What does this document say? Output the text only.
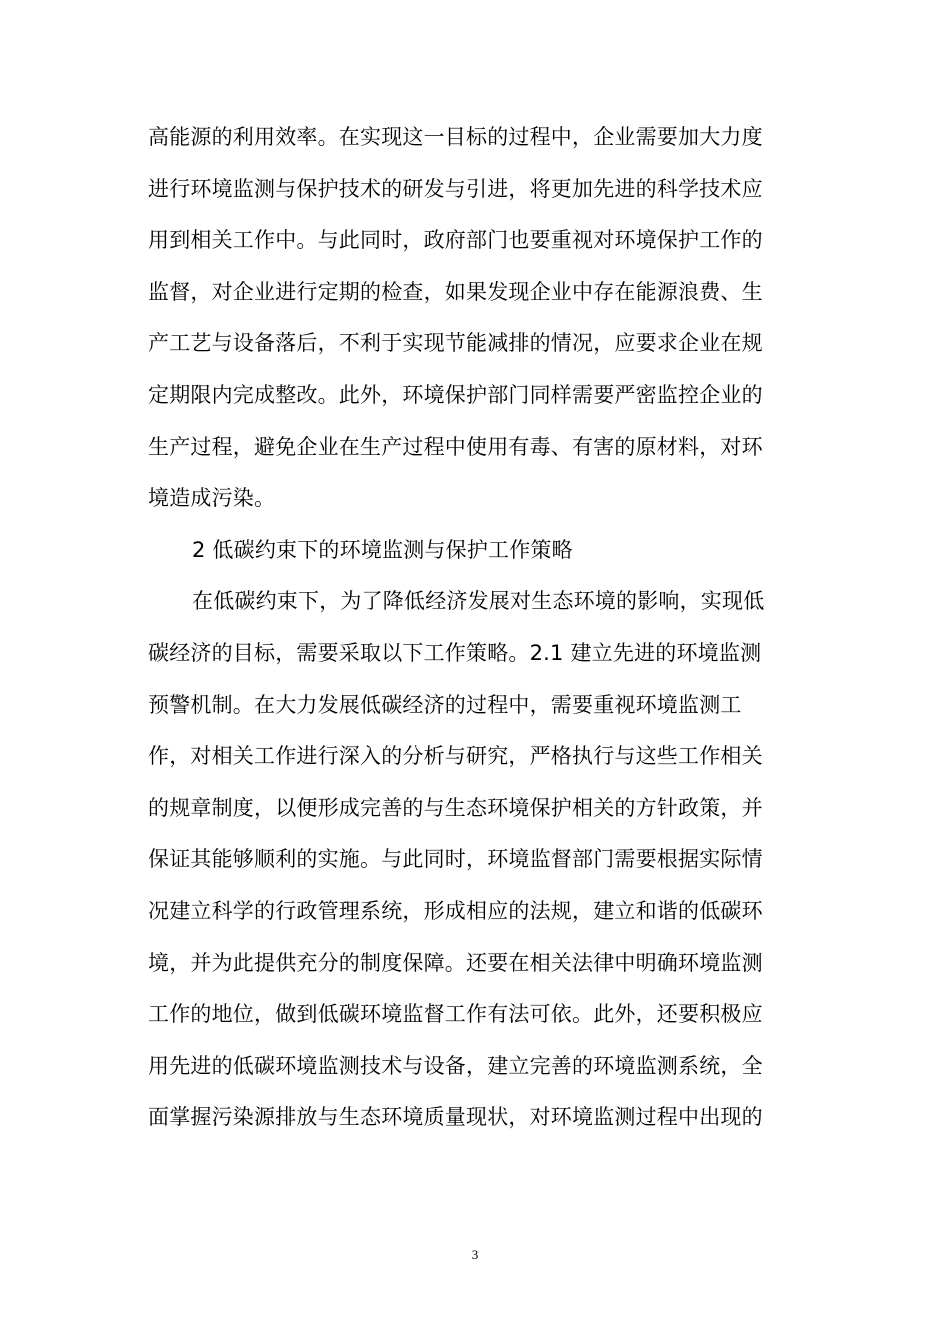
高能源的利用效率。在实现这一目标的过程中，企业需要加大力度
进行环境监测与保护技术的研发与引进，将更加先进的科学技术应
用到相关工作中。与此同时，政府部门也要重视对环境保护工作的
监督，对企业进行定期的检查，如果发现企业中存在能源浪费、生
产工艺与设备落后，不利于实现节能减排的情况，应要求企业在规
定期限内完成整改。此外，环境保护部门同样需要严密监控企业的
生产过程，避免企业在生产过程中使用有毒、有害的原材料，对环
境造成污染。
2 低碳约束下的环境监测与保护工作策略
在低碳约束下，为了降低经济发展对生态环境的影响，实现低
碳经济的目标，需要采取以下工作策略。2.1 建立先进的环境监测
预警机制。在大力发展低碳经济的过程中，需要重视环境监测工
作，对相关工作进行深入的分析与研究，严格执行与这些工作相关
的规章制度，以便形成完善的与生态环境保护相关的方针政策，并
保证其能够顺利的实施。与此同时，环境监督部门需要根据实际情
况建立科学的行政管理系统，形成相应的法规，建立和谐的低碳环
境，并为此提供充分的制度保障。还要在相关法律中明确环境监测
工作的地位，做到低碳环境监督工作有法可依。此外，还要积极应
用先进的低碳环境监测技术与设备，建立完善的环境监测系统，全
面掌握污染源排放与生态环境质量现状，对环境监测过程中出现的
3
